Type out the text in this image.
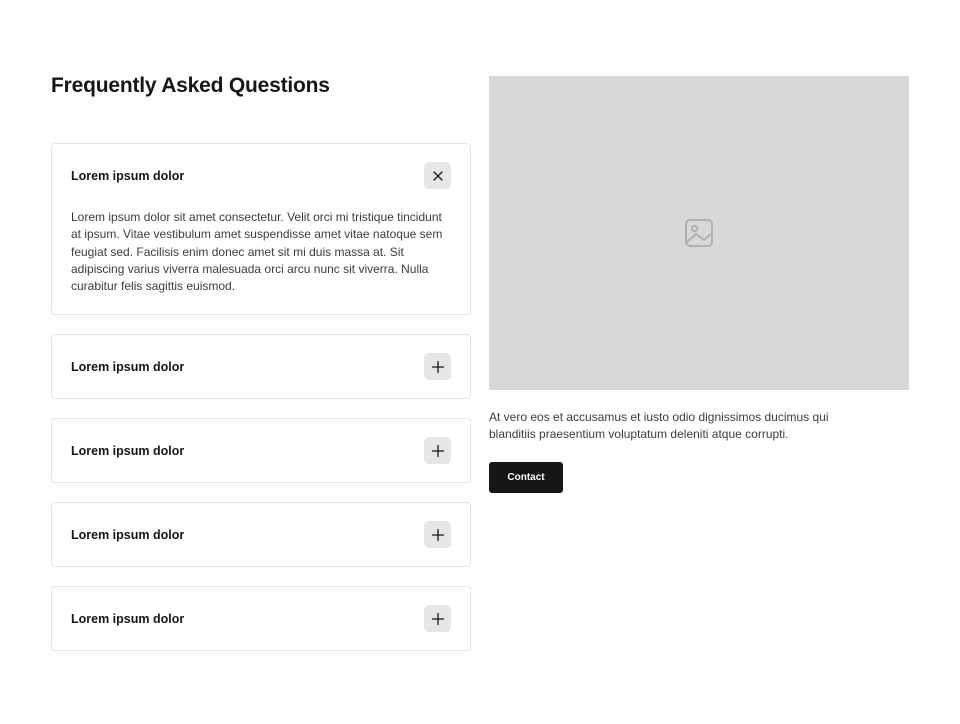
Frequently Asked Questions
Lorem ipsum dolor

Lorem ipsum dolor sit amet consectetur. Velit orci mi tristique tincidunt at ipsum. Vitae vestibulum amet suspendisse amet vitae natoque sem feugiat sed. Facilisis enim donec amet sit mi duis massa at. Sit adipiscing varius viverra malesuada orci arcu nunc sit viverra. Nulla curabitur felis sagittis euismod.

Lorem ipsum dolor
Lorem ipsum dolor
Lorem ipsum dolor
Lorem ipsum dolor

At vero eos et accusamus et iusto odio dignissimos ducimus qui blanditiis praesentium voluptatum deleniti atque corrupti.

Contact
